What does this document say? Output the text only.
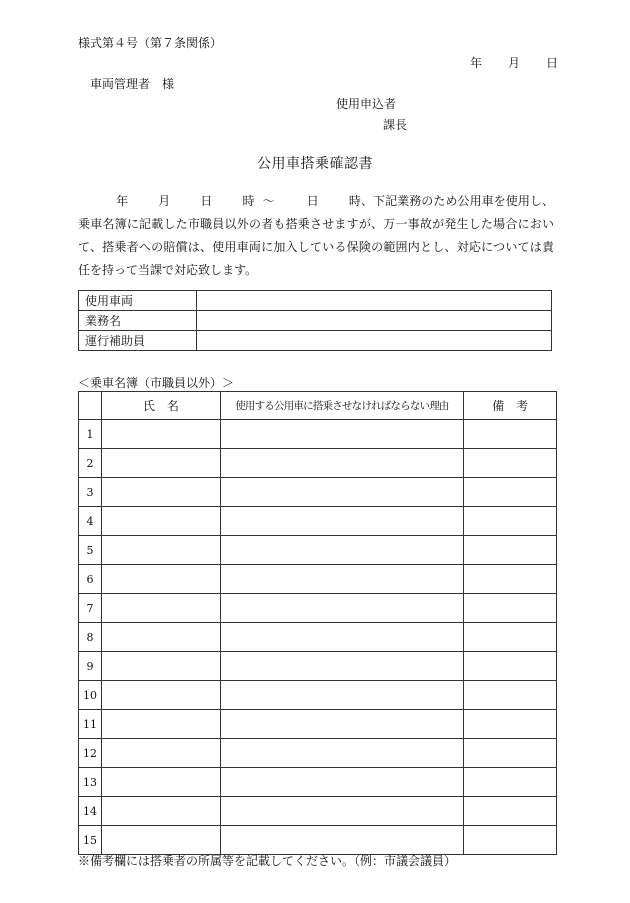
様式第４号（第７条関係）
年 月 日
車両管理者　様
使用申込者
課長
公用車搭乗確認書
年	月	日	時 ～	日	時、下記業務のため公用車を使用し、乗車名簿に記載した市職員以外の者も搭乗させますが、万一事故が発生した場合において、搭乗者への賠償は、使用車両に加入している保険の範囲内とし、対応については責任を持って当課で対応致します。
使用車両	
業務名	
運行補助員	
＜乗車名簿（市職員以外）＞
	氏　名	使用する公用車に搭乗させなければならない理由	備　考
1			
2			
3			
4			
5			
6			
7			
8			
9			
10			
11			
12			
13			
14			
15			
※備考欄には搭乗者の所属等を記載してください。（例：市議会議員）
